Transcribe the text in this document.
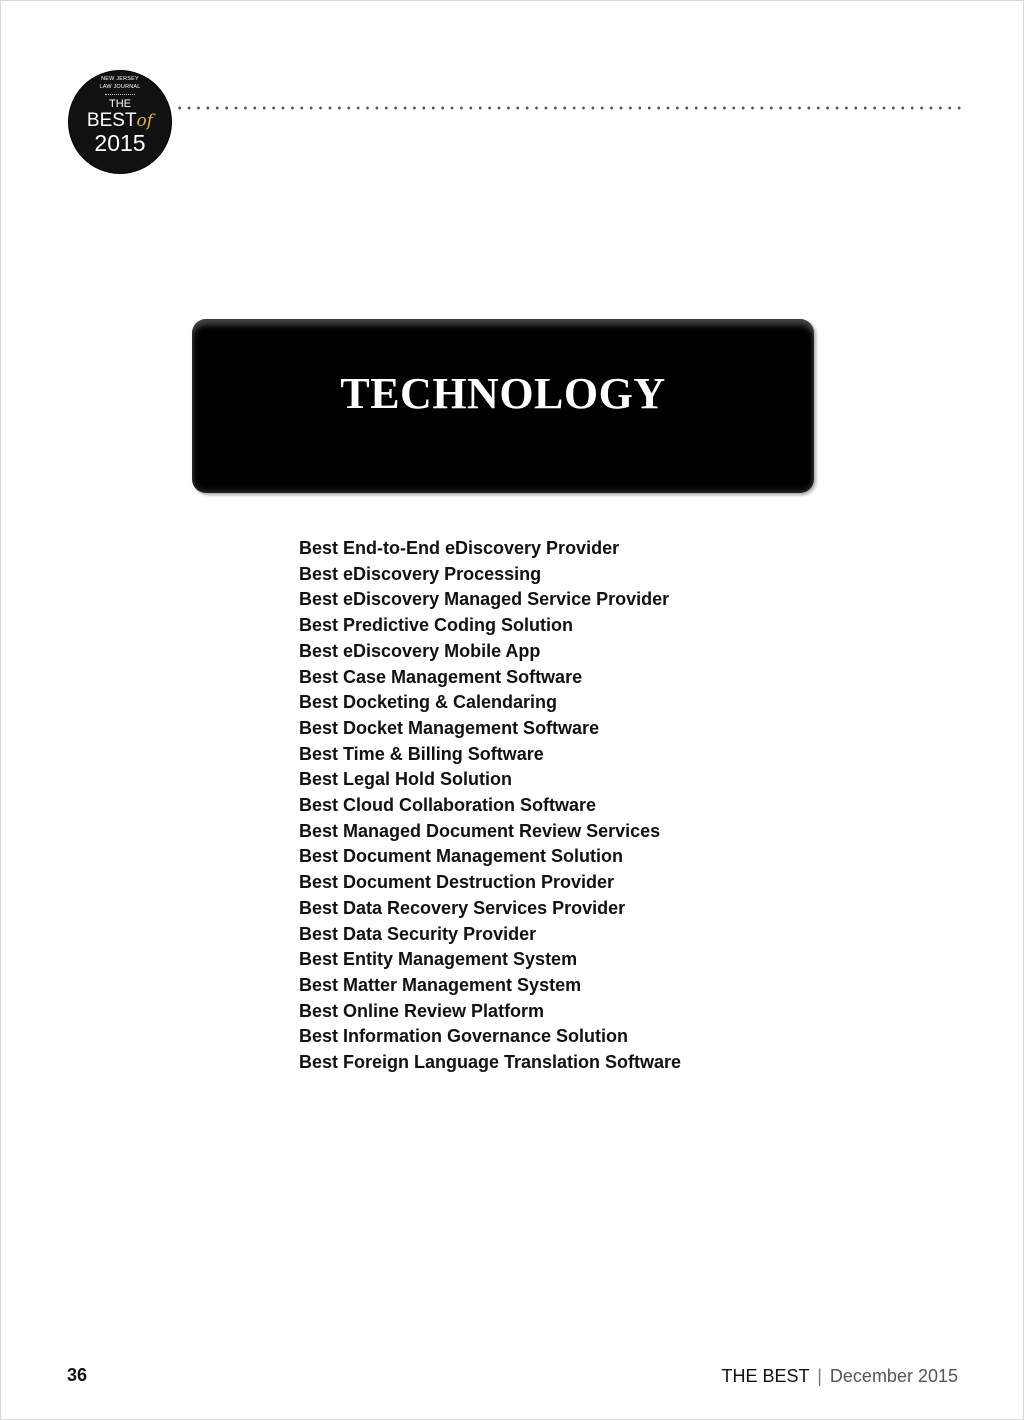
NEW JERSEY
LAW JOURNAL
THE
BESTof
2015
TECHNOLOGY
Best End-to-End eDiscovery Provider
Best eDiscovery Processing
Best eDiscovery Managed Service Provider
Best Predictive Coding Solution
Best eDiscovery Mobile App
Best Case Management Software
Best Docketing & Calendaring
Best Docket Management Software
Best Time & Billing Software
Best Legal Hold Solution
Best Cloud Collaboration Software
Best Managed Document Review Services
Best Document Management Solution
Best Document Destruction Provider
Best Data Recovery Services Provider
Best Data Security Provider
Best Entity Management System
Best Matter Management System
Best Online Review Platform
Best Information Governance Solution
Best Foreign Language Translation Software
36	THE BEST | December 2015
